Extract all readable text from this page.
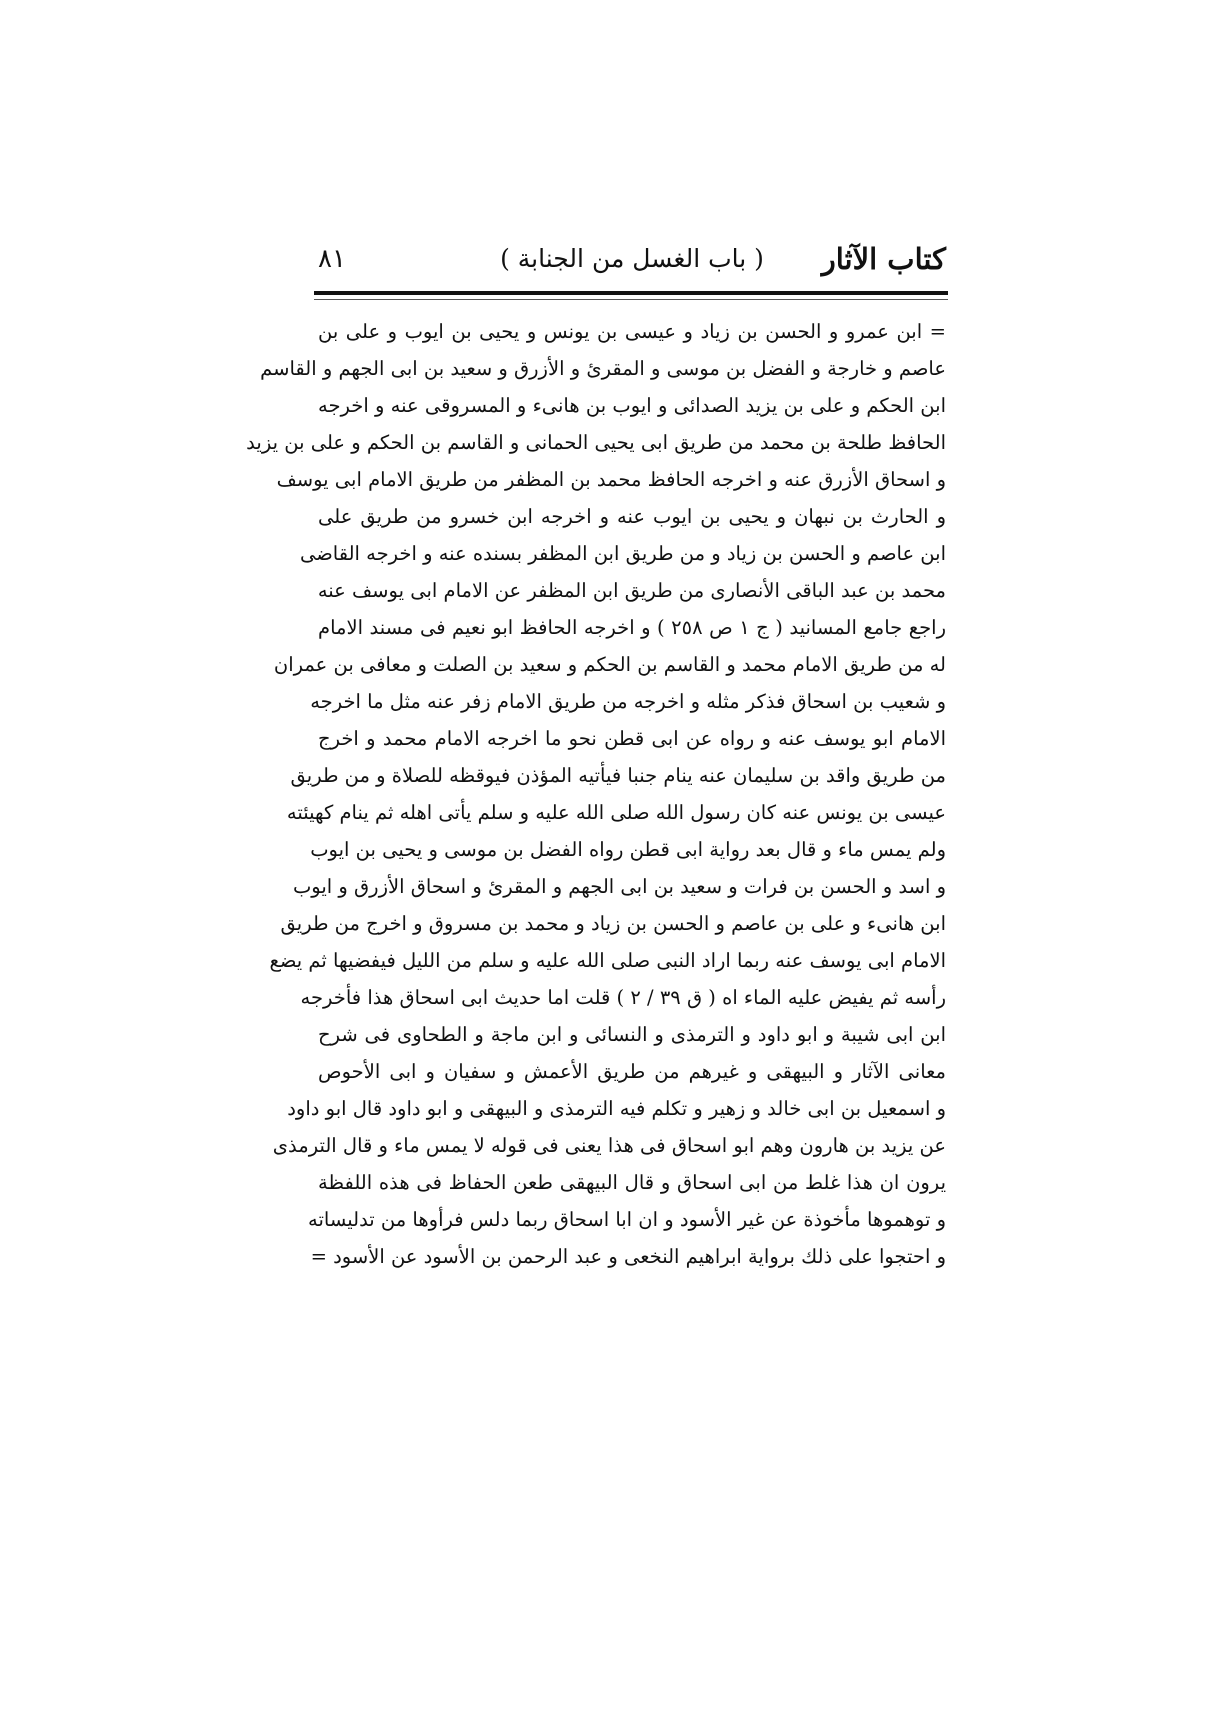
كتاب الآثار
( باب الغسل من الجنابة )
٨١
= ابن عمرو و الحسن بن زياد و عيسى بن يونس و يحيى بن ايوب و على بن
عاصم و خارجة و الفضل بن موسى و المقرئ و الأزرق و سعيد بن ابى الجهم و القاسم
ابن الحكم و على بن يزيد الصدائى و ايوب بن هانىء و المسروقى عنه و اخرجه
الحافظ طلحة بن محمد من طريق ابى يحيى الحمانى و القاسم بن الحكم و على بن يزيد
و اسحاق الأزرق عنه و اخرجه الحافظ محمد بن المظفر من طريق الامام ابى يوسف
و الحارث بن نبهان و يحيى بن ايوب عنه و اخرجه ابن خسرو من طريق على
ابن عاصم و الحسن بن زياد و من طريق ابن المظفر بسنده عنه و اخرجه القاضى
محمد بن عبد الباقى الأنصارى من طريق ابن المظفر عن الامام ابى يوسف عنه
راجع جامع المسانيد ( ج ١ ص ٢٥٨ ) و اخرجه الحافظ ابو نعيم فى مسند الامام
له من طريق الامام محمد و القاسم بن الحكم و سعيد بن الصلت و معافى بن عمران
و شعيب بن اسحاق فذكر مثله و اخرجه من طريق الامام زفر عنه مثل ما اخرجه
الامام ابو يوسف عنه و رواه عن ابى قطن نحو ما اخرجه الامام محمد و اخرج
من طريق واقد بن سليمان عنه ينام جنبا فيأتيه المؤذن فيوقظه للصلاة و من طريق
عيسى بن يونس عنه كان رسول الله صلى الله عليه و سلم يأتى اهله ثم ينام كهيئته
ولم يمس ماء و قال بعد رواية ابى قطن رواه الفضل بن موسى و يحيى بن ايوب
و اسد و الحسن بن فرات و سعيد بن ابى الجهم و المقرئ و اسحاق الأزرق و ايوب
ابن هانىء و على بن عاصم و الحسن بن زياد و محمد بن مسروق و اخرج من طريق
الامام ابى يوسف عنه ربما اراد النبى صلى الله عليه و سلم من الليل فيفضيها ثم يضع
رأسه ثم يفيض عليه الماء اه ( ق ٣٩ / ٢ ) قلت اما حديث ابى اسحاق هذا فأخرجه
ابن ابى شيبة و ابو داود و الترمذى و النسائى و ابن ماجة و الطحاوى فى شرح
معانى الآثار و البيهقى و غيرهم من طريق الأعمش و سفيان و ابى الأحوص
و اسمعيل بن ابى خالد و زهير و تكلم فيه الترمذى و البيهقى و ابو داود قال ابو داود
عن يزيد بن هارون وهم ابو اسحاق فى هذا يعنى فى قوله لا يمس ماء و قال الترمذى
يرون ان هذا غلط من ابى اسحاق و قال البيهقى طعن الحفاظ فى هذه اللفظة
و توهموها مأخوذة عن غير الأسود و ان ابا اسحاق ربما دلس فرأوها من تدليساته
و احتجوا على ذلك برواية ابراهيم النخعى و عبد الرحمن بن الأسود عن الأسود =
